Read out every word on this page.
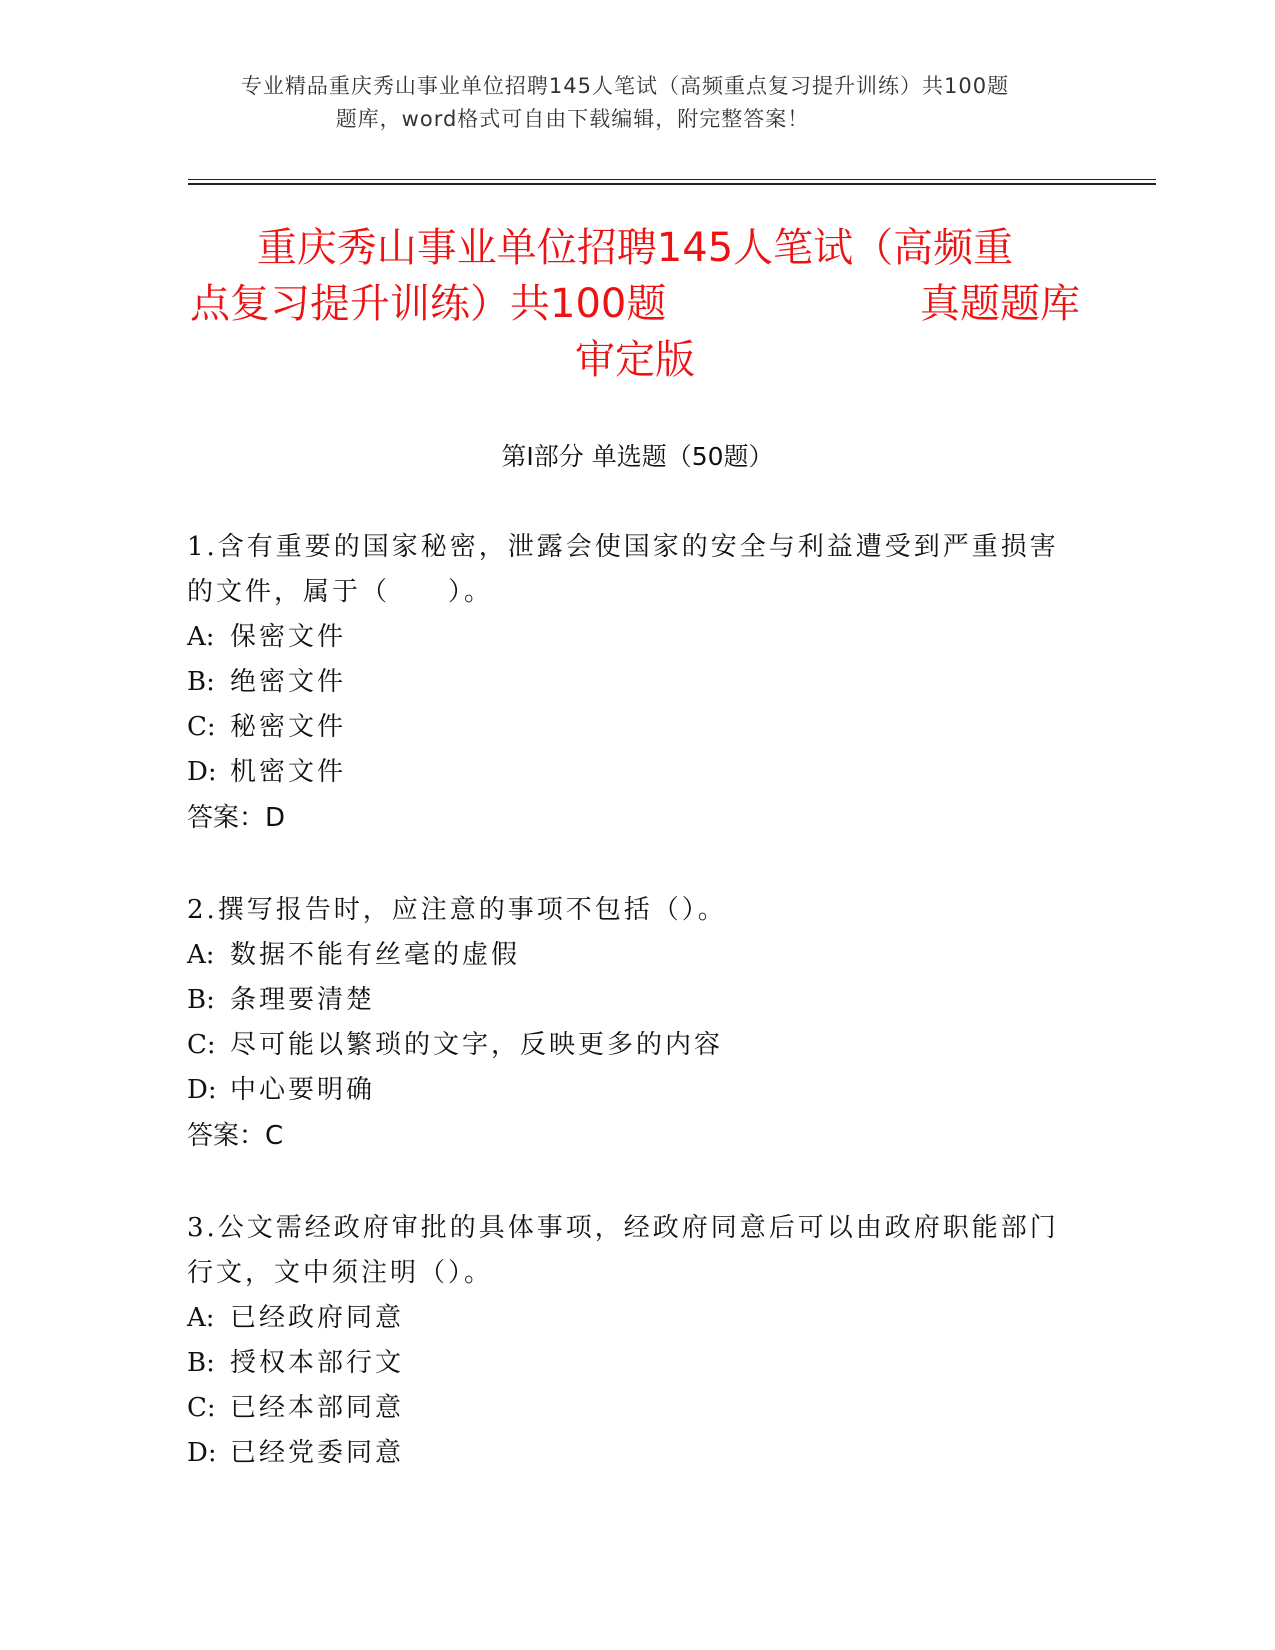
专业精品重庆秀山事业单位招聘145人笔试（高频重点复习提升训练）共100题
题库，word格式可自由下载编辑，附完整答案！
重庆秀山事业单位招聘145人笔试（高频重
点复习提升训练）共100题	真题题库
审定版
第Ⅰ部分 单选题（50题）
1.含有重要的国家秘密，泄露会使国家的安全与利益遭受到严重损害的文件，属于（　　）。
A: 保密文件
B: 绝密文件
C: 秘密文件
D: 机密文件
答案：D
2.撰写报告时，应注意的事项不包括（）。
A: 数据不能有丝毫的虚假
B: 条理要清楚
C: 尽可能以繁琐的文字，反映更多的内容
D: 中心要明确
答案：C
3.公文需经政府审批的具体事项，经政府同意后可以由政府职能部门行文，文中须注明（）。
A: 已经政府同意
B: 授权本部行文
C: 已经本部同意
D: 已经党委同意
